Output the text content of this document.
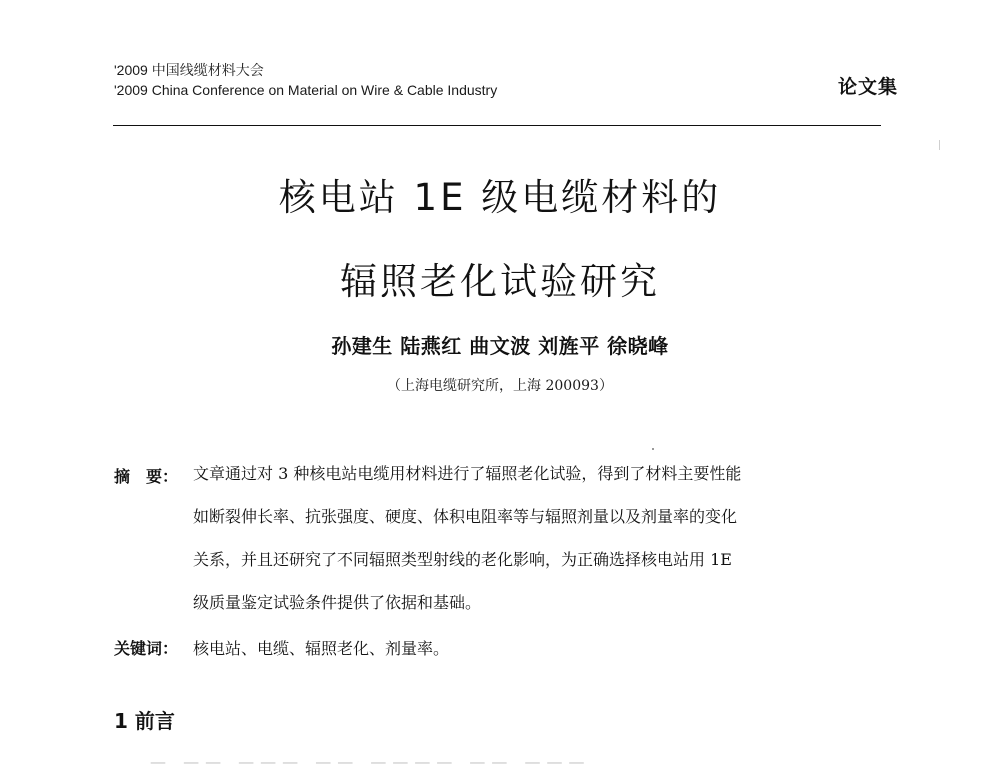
'2009 中国线缆材料大会
'2009 China Conference on Material on Wire & Cable Industry	论文集
核电站 1E 级电缆材料的
辐照老化试验研究
孙建生 陆燕红 曲文波 刘旌平 徐晓峰
（上海电缆研究所，上海 200093）
摘　要： 文章通过对 3 种核电站电缆用材料进行了辐照老化试验，得到了材料主要性能
如断裂伸长率、抗张强度、硬度、体积电阻率等与辐照剂量以及剂量率的变化
关系，并且还研究了不同辐照类型射线的老化影响，为正确选择核电站用 1E
级质量鉴定试验条件提供了依据和基础。
关键词： 核电站、电缆、辐照老化、剂量率。
1 前言
— —— ——— —— ———— —— ———
